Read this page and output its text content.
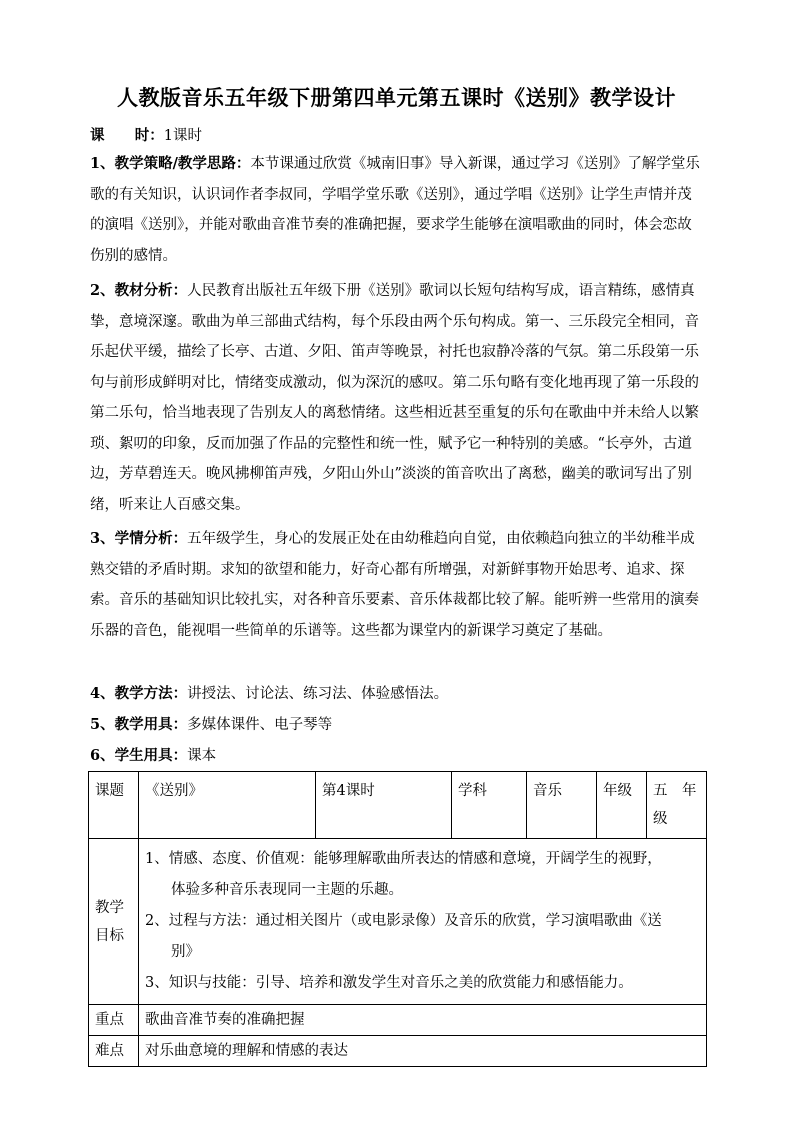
人教版音乐五年级下册第四单元第五课时《送别》教学设计
课      时：1课时
1、教学策略/教学思路：本节课通过欣赏《城南旧事》导入新课，通过学习《送别》了解学堂乐歌的有关知识，认识词作者李叔同，学唱学堂乐歌《送别》，通过学唱《送别》让学生声情并茂的演唱《送别》，并能对歌曲音准节奏的准确把握，要求学生能够在演唱歌曲的同时，体会恋故伤别的感情。
2、教材分析：人民教育出版社五年级下册《送别》歌词以长短句结构写成，语言精练，感情真挚，意境深邃。歌曲为单三部曲式结构，每个乐段由两个乐句构成。第一、三乐段完全相同，音乐起伏平缓，描绘了长亭、古道、夕阳、笛声等晚景，衬托也寂静冷落的气氛。第二乐段第一乐句与前形成鲜明对比，情绪变成激动，似为深沉的感叹。第二乐句略有变化地再现了第一乐段的第二乐句，恰当地表现了告别友人的离愁情绪。这些相近甚至重复的乐句在歌曲中并未给人以繁琐、絮叨的印象，反而加强了作品的完整性和统一性，赋予它一种特别的美感。“长亭外，古道边，芳草碧连天。晚风拂柳笛声残，夕阳山外山”淡淡的笛音吹出了离愁，幽美的歌词写出了别绪，听来让人百感交集。
3、学情分析：五年级学生，身心的发展正处在由幼稚趋向自觉，由依赖趋向独立的半幼稚半成熟交错的矛盾时期。求知的欲望和能力，好奇心都有所增强，对新鲜事物开始思考、追求、探索。音乐的基础知识比较扎实，对各种音乐要素、音乐体裁都比较了解。能听辨一些常用的演奏乐器的音色，能视唱一些简单的乐谱等。这些都为课堂内的新课学习奠定了基础。
4、教学方法：讲授法、讨论法、练习法、体验感悟法。
5、教学用具：多媒体课件、电子琴等
6、学生用具：课本
课题	《送别》	第4课时	学科	音乐	年级	五　年级
教学目标	1、情感、态度、价值观：能够理解歌曲所表达的情感和意境，开阔学生的视野，

体验多种音乐表现同一主题的乐趣。

2、过程与方法：通过相关图片（或电影录像）及音乐的欣赏，学习演唱歌曲《送

别》

3、知识与技能：引导、培养和激发学生对音乐之美的欣赏能力和感悟能力。					

重点	歌曲音准节奏的准确把握					
难点	对乐曲意境的理解和情感的表达					
